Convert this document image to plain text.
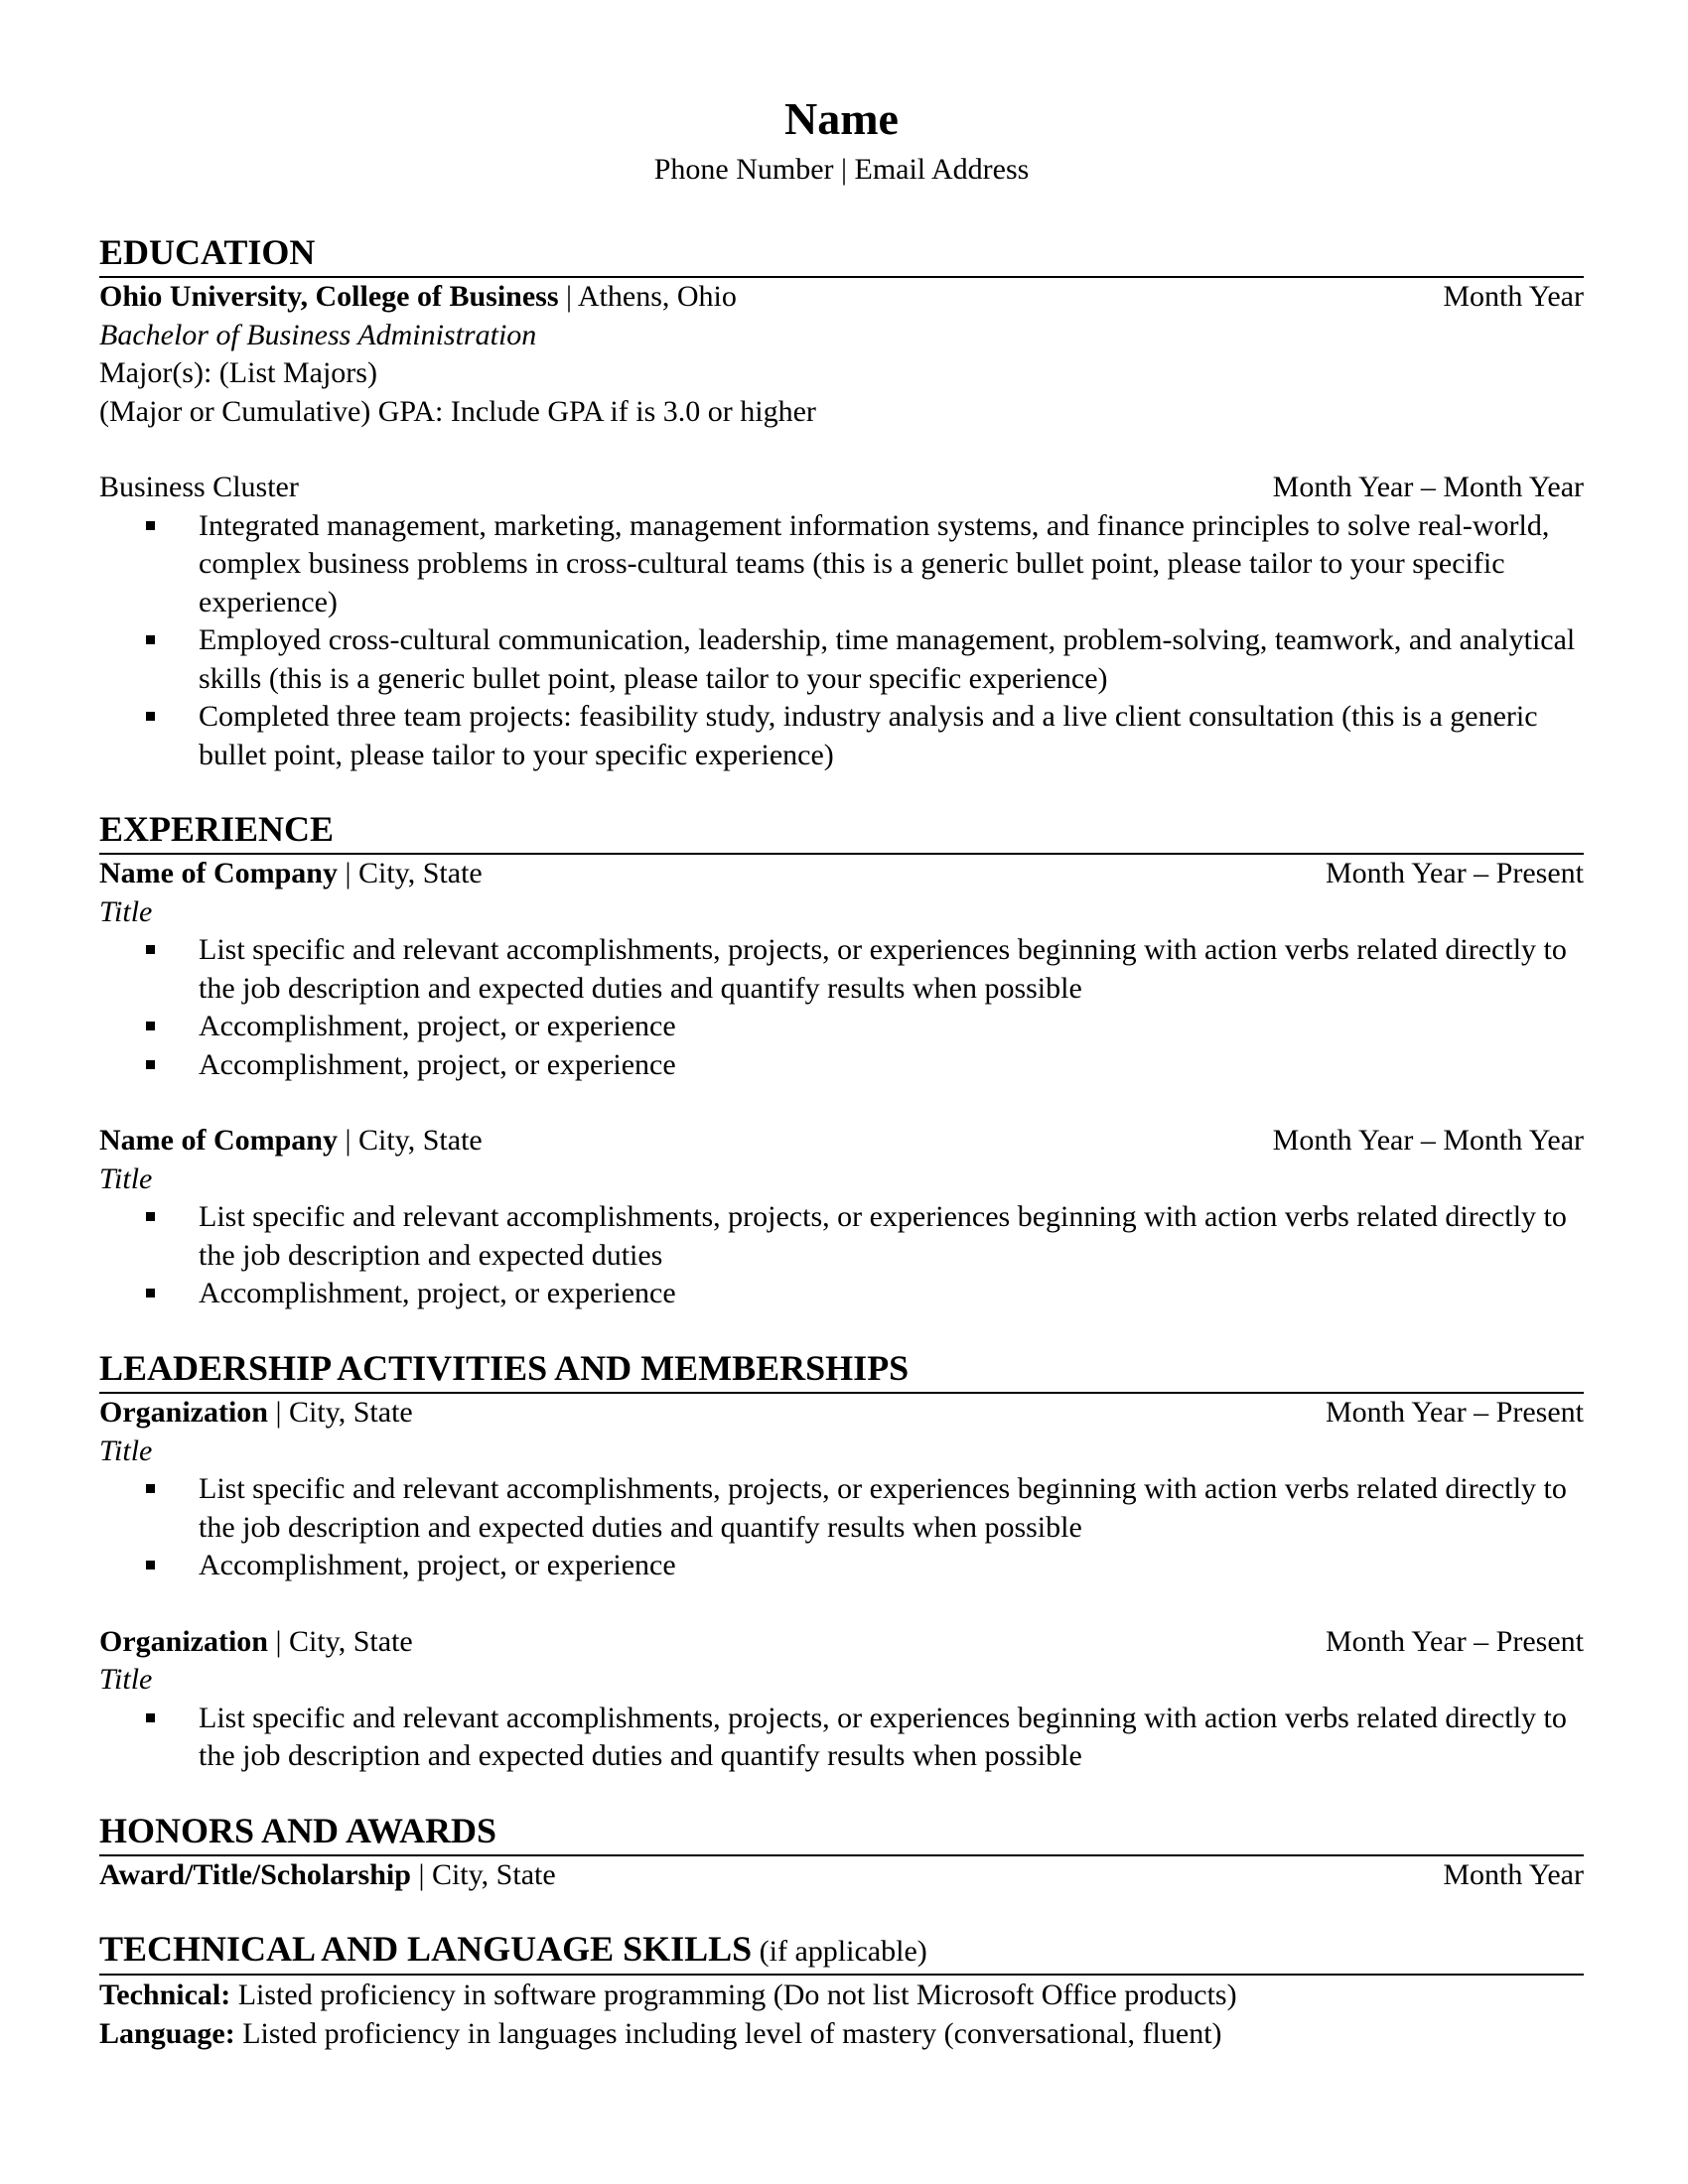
Name
Phone Number | Email Address
EDUCATION
Ohio University, College of Business | Athens, Ohio	Month Year
Bachelor of Business Administration
Major(s): (List Majors)
(Major or Cumulative) GPA: Include GPA if is 3.0 or higher
Business Cluster	Month Year – Month Year
Integrated management, marketing, management information systems, and finance principles to solve real-world, complex business problems in cross-cultural teams (this is a generic bullet point, please tailor to your specific experience)
Employed cross-cultural communication, leadership, time management, problem-solving, teamwork, and analytical skills (this is a generic bullet point, please tailor to your specific experience)
Completed three team projects: feasibility study, industry analysis and a live client consultation (this is a generic bullet point, please tailor to your specific experience)
EXPERIENCE
Name of Company | City, State	Month Year – Present
Title
List specific and relevant accomplishments, projects, or experiences beginning with action verbs related directly to the job description and expected duties and quantify results when possible
Accomplishment, project, or experience
Accomplishment, project, or experience
Name of Company | City, State	Month Year – Month Year
Title
List specific and relevant accomplishments, projects, or experiences beginning with action verbs related directly to the job description and expected duties
Accomplishment, project, or experience
LEADERSHIP ACTIVITIES AND MEMBERSHIPS
Organization | City, State	Month Year – Present
Title
List specific and relevant accomplishments, projects, or experiences beginning with action verbs related directly to the job description and expected duties and quantify results when possible
Accomplishment, project, or experience
Organization | City, State	Month Year – Present
Title
List specific and relevant accomplishments, projects, or experiences beginning with action verbs related directly to the job description and expected duties and quantify results when possible
HONORS AND AWARDS
Award/Title/Scholarship | City, State	Month Year
TECHNICAL AND LANGUAGE SKILLS (if applicable)
Technical: Listed proficiency in software programming (Do not list Microsoft Office products)
Language: Listed proficiency in languages including level of mastery (conversational, fluent)
